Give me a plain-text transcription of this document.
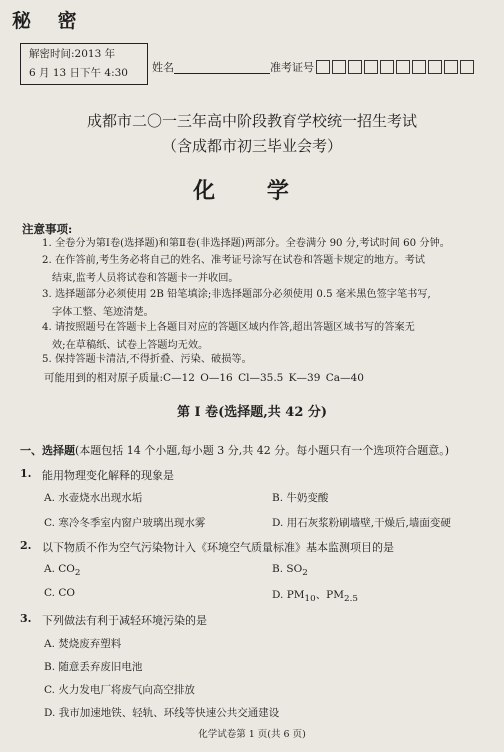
秘 密
解密时间:2013 年
6 月 13 日下午 4:30	姓名	准考证号
成都市二〇一三年高中阶段教育学校统一招生考试
（含成都市初三毕业会考）
化 学
注意事项:
1. 全卷分为第Ⅰ卷(选择题)和第Ⅱ卷(非选择题)两部分。全卷满分 90 分,考试时间 60 分钟。
2. 在作答前,考生务必将自己的姓名、准考证号涂写在试卷和答题卡规定的地方。考试
结束,监考人员将试卷和答题卡一并收回。
3. 选择题部分必须使用 2B 铅笔填涂;非选择题部分必须使用 0.5 毫米黑色签字笔书写,
字体工整、笔迹清楚。
4. 请按照题号在答题卡上各题目对应的答题区域内作答,超出答题区域书写的答案无
效;在草稿纸、试卷上答题均无效。
5. 保持答题卡清洁,不得折叠、污染、破损等。
可能用到的相对原子质量:C—12 O—16 Cl—35.5 K—39 Ca—40
第 Ⅰ 卷(选择题,共 42 分)
一、选择题(本题包括 14 个小题,每小题 3 分,共 42 分。每小题只有一个选项符合题意。)
1. 能用物理变化解释的现象是
A. 水壶烧水出现水垢	B. 牛奶变酸
C. 寒冷冬季室内窗户玻璃出现水雾	D. 用石灰浆粉刷墙壁,干燥后,墙面变硬
2. 以下物质不作为空气污染物计入《环境空气质量标准》基本监测项目的是
A. $CO_2$	B. $SO_2$
C. CO	D. $PM_{10}$、$PM_{2.5}$
3. 下列做法有利于减轻环境污染的是
A. 焚烧废弃塑料
B. 随意丢弃废旧电池
C. 火力发电厂将废气向高空排放
D. 我市加速地铁、轻轨、环线等快速公共交通建设
化学试卷第 1 页(共 6 页)
